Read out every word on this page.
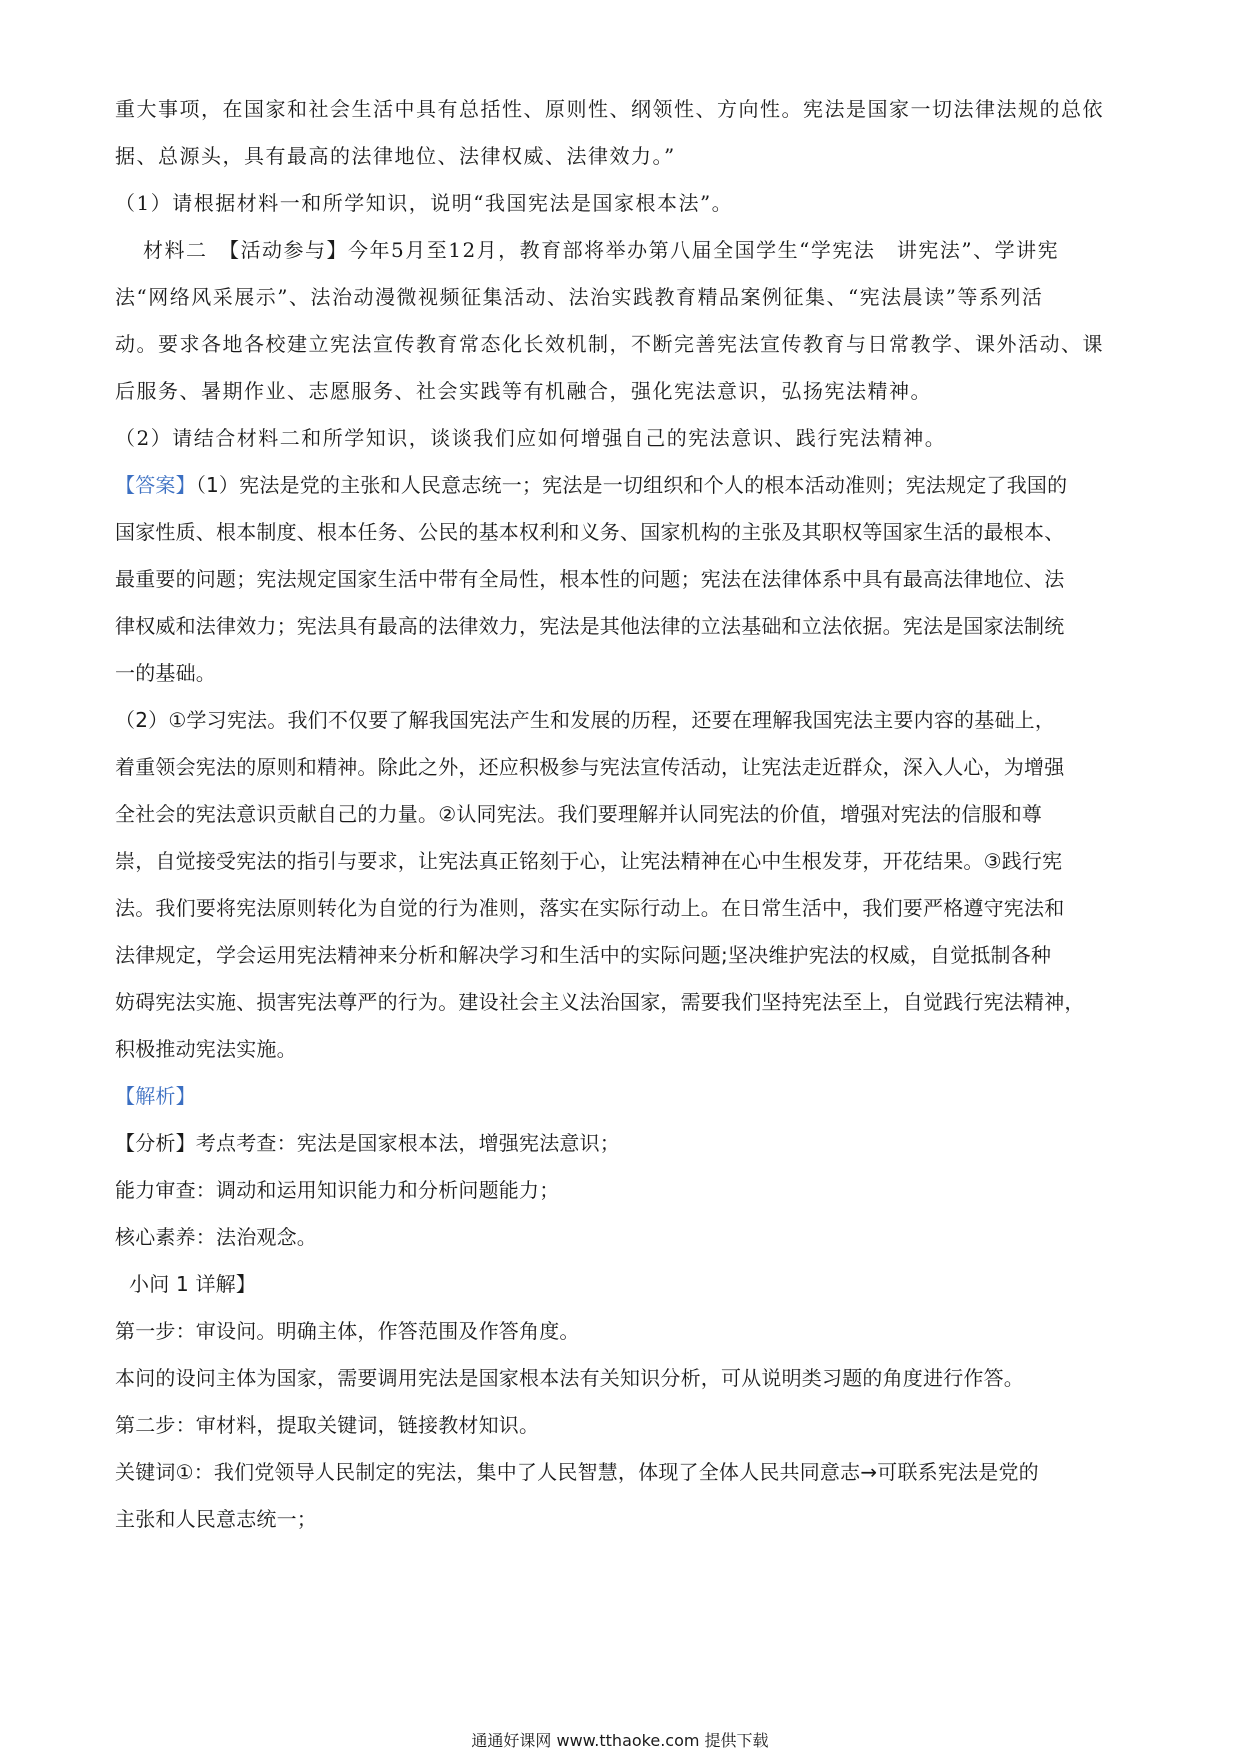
重大事项，在国家和社会生活中具有总括性、原则性、纲领性、方向性。宪法是国家一切法律法规的总依
据、总源头，具有最高的法律地位、法律权威、法律效力。”
（1）请根据材料一和所学知识，说明“我国宪法是国家根本法”。
材料二　【活动参与】今年5月至12月，教育部将举办第八届全国学生“学宪法　讲宪法”、学讲宪
法“网络风采展示”、法治动漫微视频征集活动、法治实践教育精品案例征集、“宪法晨读”等系列活
动。要求各地各校建立宪法宣传教育常态化长效机制，不断完善宪法宣传教育与日常教学、课外活动、课
后服务、暑期作业、志愿服务、社会实践等有机融合，强化宪法意识，弘扬宪法精神。
（2）请结合材料二和所学知识，谈谈我们应如何增强自己的宪法意识、践行宪法精神。
【答案】（1）宪法是党的主张和人民意志统一；宪法是一切组织和个人的根本活动准则；宪法规定了我国的
国家性质、根本制度、根本任务、公民的基本权利和义务、国家机构的主张及其职权等国家生活的最根本、
最重要的问题；宪法规定国家生活中带有全局性，根本性的问题；宪法在法律体系中具有最高法律地位、法
律权威和法律效力；宪法具有最高的法律效力，宪法是其他法律的立法基础和立法依据。宪法是国家法制统
一的基础。
（2）①学习宪法。我们不仅要了解我国宪法产生和发展的历程，还要在理解我国宪法主要内容的基础上，
着重领会宪法的原则和精神。除此之外，还应积极参与宪法宣传活动，让宪法走近群众，深入人心，为增强
全社会的宪法意识贡献自己的力量。②认同宪法。我们要理解并认同宪法的价值，增强对宪法的信服和尊
崇，自觉接受宪法的指引与要求，让宪法真正铭刻于心，让宪法精神在心中生根发芽，开花结果。③践行宪
法。我们要将宪法原则转化为自觉的行为准则，落实在实际行动上。在日常生活中，我们要严格遵守宪法和
法律规定，学会运用宪法精神来分析和解决学习和生活中的实际问题;坚决维护宪法的权威，自觉抵制各种
妨碍宪法实施、损害宪法尊严的行为。建设社会主义法治国家，需要我们坚持宪法至上，自觉践行宪法精神，
积极推动宪法实施。
【解析】
【分析】考点考查：宪法是国家根本法，增强宪法意识；
能力审查：调动和运用知识能力和分析问题能力；
核心素养：法治观念。
小问 1 详解】
第一步：审设问。明确主体，作答范围及作答角度。
本问的设问主体为国家，需要调用宪法是国家根本法有关知识分析，可从说明类习题的角度进行作答。
第二步：审材料，提取关键词，链接教材知识。
关键词①：我们党领导人民制定的宪法，集中了人民智慧，体现了全体人民共同意志→可联系宪法是党的
主张和人民意志统一；
通通好课网 www.tthaoke.com 提供下载
